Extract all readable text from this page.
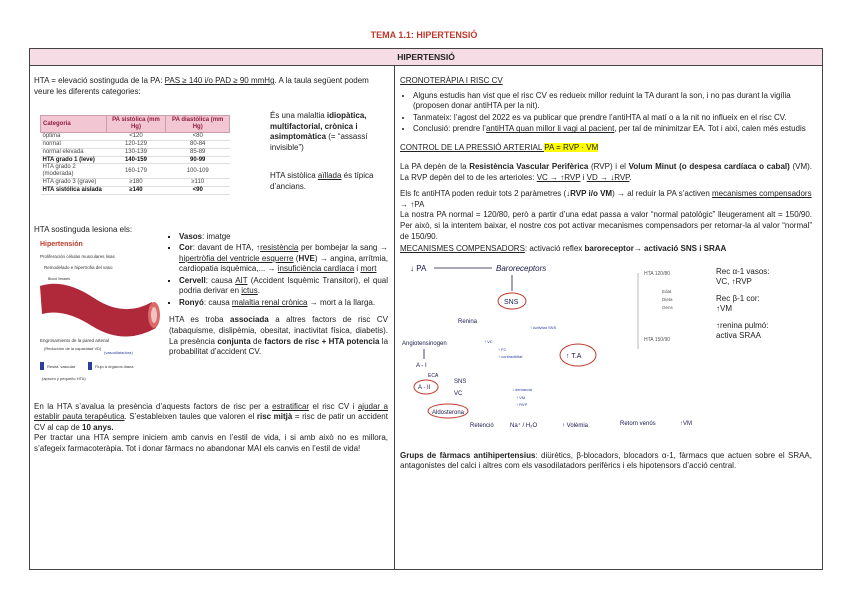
TEMA 1.1: HIPERTENSIÓ
HIPERTENSIÓ

HTA = elevació sostinguda de la PA: PAS ≥ 140 i/o PAD ≥ 90 mmHg. A la taula següent podem veure les diferents categories:

Categoria	PA sistòlica (mm Hg)	PA diastòlica (mm Hg)
òptima	<120	<80
normal	120-129	80-84
normal elevada	130-139	85-89
HTA grado 1 (leve)	140-159	90-99
HTA grado 2 (moderada)	160-179	100-109
HTA grado 3 (grave)	≥180	≥110
HTA sistólica aislada	≥140	<90
És una malaltia idiopàtica, multifactorial, crònica i asimptomàtica (= “assassí invisible”)
HTA sistòlica aïllada és típica d’ancians.

HTA sostinguda lesiona els:

Hipertensión
Proliferación células musculares lisas
Remodelado e hipertrofia del vaso
Blood Vessels
Engrosamiento de la pared arterial
(Reducción de la capacidad VD)
(vasodilatadora)
Resist. vascular	Flujo a órganos diana
(aprueo y pequeño HTA)
▪ Vasos: imatge
▪ Cor: davant de HTA, ↑resistència per bombejar la sang → hipertròfia del ventricle esquerre (HVE) → angina, arrítmia, cardiopatia isquèmica,... → insuficiència cardíaca i mort
▪ Cervell: causa AIT (Accident Isquèmic Transitori), el qual podria derivar en ictus.
▪ Ronyó: causa malaltia renal crònica → mort a la llarga.

HTA es troba associada a altres factors de risc CV (tabaquisme, dislipèmia, obesitat, inactivitat física, diabetis). La presència conjunta de factors de risc + HTA potencia la probabilitat d’accident CV.

En la HTA s’avalua la presència d’aquests factors de risc per a estratificar el risc CV i ajudar a establir pauta terapèutica. S’estableixen taules que valoren el risc mitjà = risc de patir un accident CV al cap de 10 anys.

Per tractar una HTA sempre iniciem amb canvis en l’estil de vida, i si amb això no es millora, s’afegeix farmacoteràpia. Tot i donar fàrmacs no abandonar MAI els canvis en l’estil de vida!

CRONOTERÀPIA I RISC CV

• Alguns estudis han vist que el risc CV es redueix millor reduint la TA durant la son, i no pas durant la vigília (proposen donar antiHTA per la nit).
• Tanmateix: l’agost del 2022 es va publicar que prendre l’antiHTA al matí o a la nit no influeix en el risc CV.
• Conclusió: prendre l’antiHTA quan millor li vagi al pacient, per tal de minimitzar EA. Tot i així, calen més estudis

CONTROL DE LA PRESSIÓ ARTERIAL PA = RVP · VM

La PA depèn de la Resistència Vascular Perifèrica (RVP) i el Volum Minut (o despesa cardíaca o cabal) (VM). La RVP depèn del to de les arterioles: VC → ↑RVP i VD → ↓RVP.

Els fc antiHTA poden reduir tots 2 paràmetres (↓RVP i/o VM) → al reduir la PA s’activen mecanismes compensadors → ↑PA

La nostra PA normal = 120/80, però a partir d’una edat passa a valor “normal patològic” lleugerament alt = 150/90. Per això, si la intentem baixar, el nostre cos pot activar mecanismes compensadors per retornar-la al valor “normal” de 150/90.

MECANISMES COMPENSADORS: activació reflex baroreceptor→ activació SNS i SRAA

↓ PA	Baroreceptors
SNS
Renina
Angiotensinogen
A - I
ECA
A - II
SNS
VC
Aldosterona
Retenció	Na⁺ / H₂O	↑ Volèmia	Retorn venós	↑VM
↑ T.A
↑ VC
↑ Activitat SNS
↑ FC
↑ contractilitat
↓ demanda
↑ VM
↑ RVP
HTA 120/80
Edat
Dieta
Gens
HTA 150/90

Rec α-1 vasos:
VC, ↑RVP

Rec β-1 cor:
↑VM

↑renina pulmó:
activa SRAA

Grups de fàrmacs antihipertensius: diürètics, β-blocadors, blocadors α-1, fàrmacs que actuen sobre el SRAA, antagonistes del calci i altres com els vasodilatadors perifèrics i els hipotensors d’acció central.
